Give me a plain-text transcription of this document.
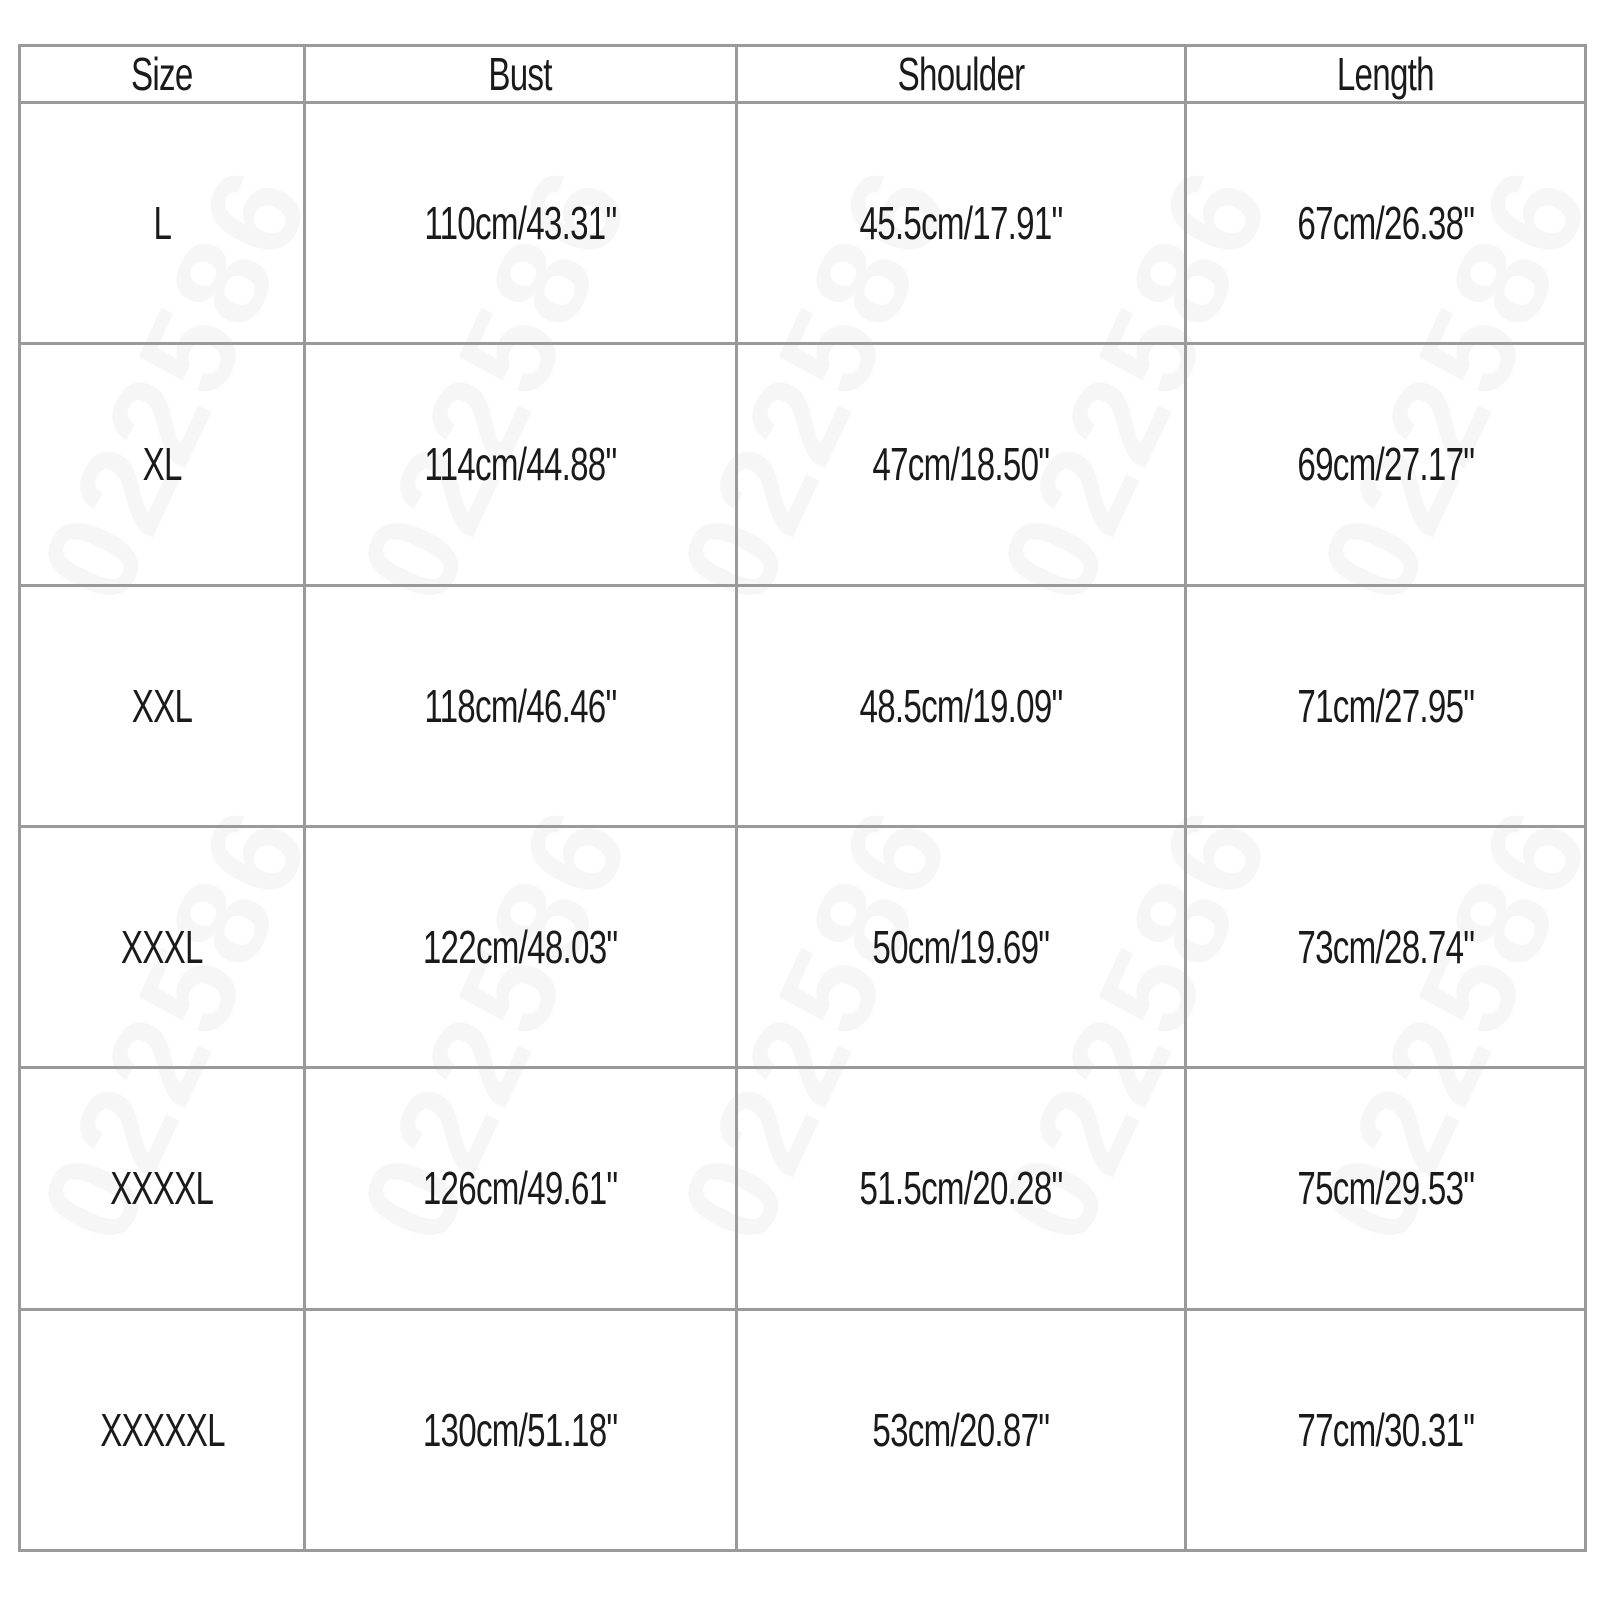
Size	Bust	Shoulder	Length
L	110cm/43.31"	45.5cm/17.91"	67cm/26.38"
XL	114cm/44.88"	47cm/18.50"	69cm/27.17"
XXL	118cm/46.46"	48.5cm/19.09"	71cm/27.95"
XXXL	122cm/48.03"	50cm/19.69"	73cm/28.74"
XXXXL	126cm/49.61"	51.5cm/20.28"	75cm/29.53"
XXXXXL	130cm/51.18"	53cm/20.87"	77cm/30.31"
